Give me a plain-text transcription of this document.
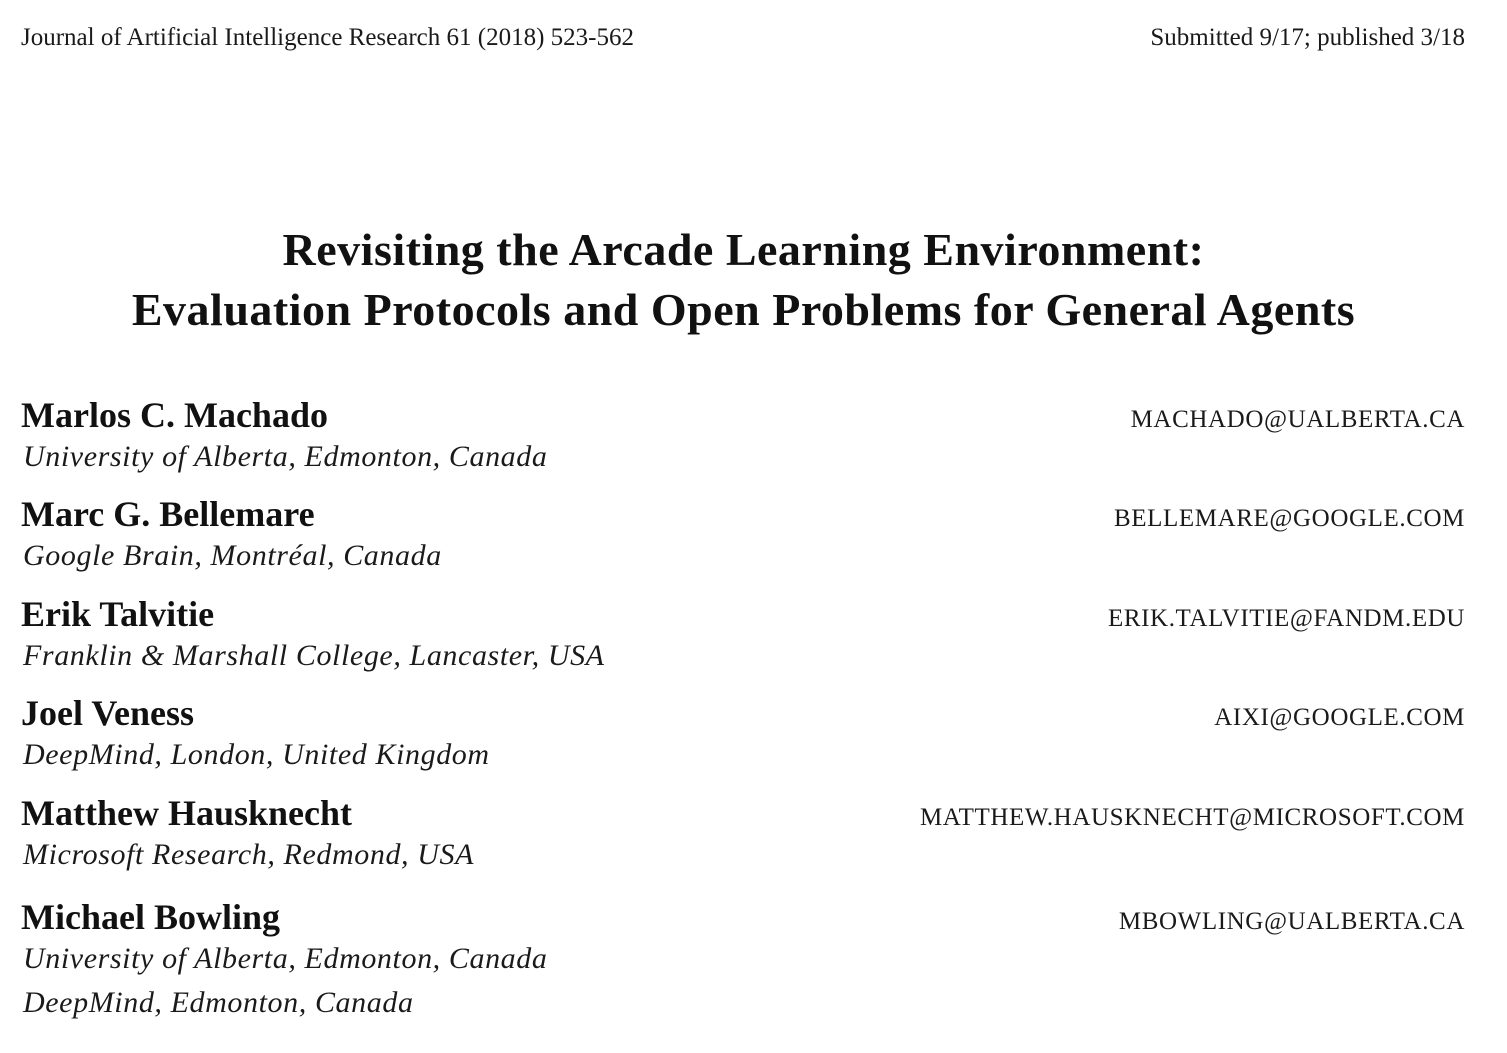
Journal of Artificial Intelligence Research 61 (2018) 523-562	Submitted 9/17; published 3/18
Revisiting the Arcade Learning Environment:
Evaluation Protocols and Open Problems for General Agents
Marlos C. Machado	MACHADO@UALBERTA.CA
University of Alberta, Edmonton, Canada
Marc G. Bellemare	BELLEMARE@GOOGLE.COM
Google Brain, Montréal, Canada
Erik Talvitie	ERIK.TALVITIE@FANDM.EDU
Franklin & Marshall College, Lancaster, USA
Joel Veness	AIXI@GOOGLE.COM
DeepMind, London, United Kingdom
Matthew Hausknecht	MATTHEW.HAUSKNECHT@MICROSOFT.COM
Microsoft Research, Redmond, USA
Michael Bowling	MBOWLING@UALBERTA.CA
University of Alberta, Edmonton, Canada
DeepMind, Edmonton, Canada
